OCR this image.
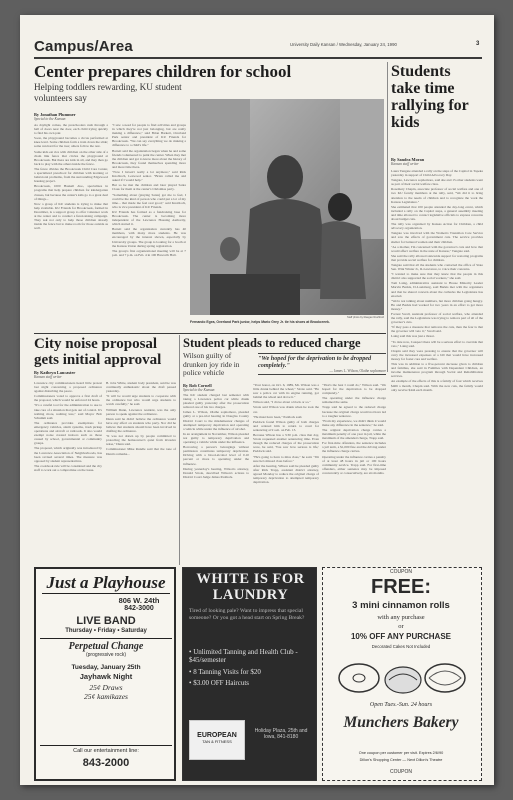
Campus/Area	University Daily Kansan / Wednesday, January 24, 1990	3
Center prepares children for school
Helping toddlers rewarding, KU student volunteers say
By Jonathan Plummer
Special to the Kansan

As daylight comes, the preschoolers rush through a hall of doors near the door, each child trying quickly to find his own pair.

Soon, the playground becomes a circus performed at knee level. Some children form a train down the slide; some run hard for the tree; others follow the rest.

Some kids eat rice with children on the other side of a chain link fence that circles the playground at Brookcreek. But there are kids in all, and they then go back to play with the others inside the fence.

The fence divides the Brookcreek Child Care Center, a specialized preschool for children with learning or behavioral problems, from the surrounding Edgewood housing project.

Brookcreek, 1000 Haskell Ave., specializes in programs that help prepare children for kindergarten classes, but because the center's kids go to a great deal of things...

Now a group of KU students is trying to make that help available. KU Friends for Brookcreek, formed in December, is a support group to offer volunteer work at the center and to conduct a fund-raising campaign. They ask not only to help those children already inside the fence but to make room for those outside as well.

"I saw a need for people to find activities and groups in which they're not just belonging, but are really making a difference," said Brian Barkett, Overland Park senior and president of KU Friends for Brookcreek. "We can say everything we do making a difference to a child's life."

Barrett said the organization began when he and some friends volunteered to paint the center. When they met the children and got to know more about the history of Brookcreek, they found themselves spending more and more time there.

"Now I haven't really a lot anymore," said Rick Knobloch, Leawood senior. "Brian called me and asked if I would help."

But so he met the children and later played Santa Claus for them at the center's Christmas party.

"Something about (playing Santa) got me to feel, I could be the kind of person who could put a lot of my time... that made me feel real good," said Knobloch, who is vice president of KU Friends.

KU Friends has formed as a fundraising base for Brookcreek. The center is becoming more independent of the Lawrence Housing Authority, which started it.

Barrett said the organization currently has 40 members, with many more students. He was encouraged by the interest shown, especially by University groups. The group is looking for a booth at the Kansas Union during spring registration.

The group's first organizational meeting will be at 7 p.m. and 7 p.m. on Feb. 4 in 100 Haworth Hall.

Staff photo by Raegan Rushford
Fernando Egea, Overland Park junior, helps Mario Grey Jr. tie his shoes at Brookcreek.
Students take time rallying for kids
By Sandra Moran
Kansan staff writer

Laura Tungate attended a rally on the steps of the Capitol in Topeka yesterday in support of Child Advocacy Day.

Tungate, Lawrence sophomore, said she and 15 other students went as part of their social welfare class.

Rosemary Chapin, associate professor of social welfare and one of two KU faculty members at the rally, said, "We did it to bring attention to the needs of children and to recognize the work the Kansas Legislature."

She estimated that 100 people attended the day-long event, which included a rally on the Capitol steps, a general assembly meeting and time allowed to contact legislative officials to express concerns about budget cuts.

The rally was organized by Kansas Action for Children, a child advocacy organization.

Tungate was involved with the Women's Transition Care Service and saw the effects of government cuts. The service provides shelter for battered women and their children.

"As a mother, I'm concerned with the governor's cuts and how that would affect welfare in the state of Kansas," Tungate said.

She said the rally allowed statewide support for restoring programs that provide social welfare for children.

Tungate said that all the students who contacted the office of State Sen. Wint Winter Jr., R-Lawrence, to voice their concerns.

"I wanted to make sure that they knew that the people in this district also supported the social workers," she said.

Tom Laing, administrative assistant to House Minority Leader Marvin Barkis, D-Louisburg, said Barkis met with the organizers and that he shared concern about the cutbacks the Legislature has enacted.

"We're not talking about numbers, but more children going hungry. He and Barkis had worked for two years in an effort to get more money."

Forrest Swall, assistant professor of social welfare, who attended the rally, said the Legislature was trying to remove part of all of the governor's cuts.

"If they pass a measure that removes the cuts, then the fear is that the governor will veto it," Swall said.

Laing said this was just a threat.

"To date now, I suspect there will be a serious effort to override that veto," Laing said.

Chapin said they were pressing to ensure that the governor will carry the increased expenses of a bill that would have increased money for foster care and welfare.

This was in addition to a five-percent decrease given to children and families, she said in Families with Dependent Children, an income maintenance program through Social and Rehabilitation services.

An example of the effects of this is a family of four which receives $466 a month, Chapin said. With the new cuts, the family would only receive $444 each month.

City noise proposal gets initial approval
By Kathryn Lancaster
Kansan staff writer

Lawrence city commissioners heard little protest last night concerning a proposed ordinance against disturbing the peace.

Commissioners voted to approve a first draft of the proposal, which would be enforced 24 hours.

"It's a careful tool for the administration to use to take care of a situation that gets out of control. It's nothing more, nothing less," said Mayor Bob Schumm said.

The ordinance provides exemptions for emergency vehicles, alarm systems, trash pickup operations and aircraft or railroads. It also would exempt noise created indoors such as those caused by school, governmental or community groups.

The proposal, which originally was introduced by the Lawrence Association of Neighborhoods, has been revised several times. The measure was opposed by student representatives.

The cookbook rule will be considered and the city staff to work out a compromise on the issue.

B. Jobe White, student body president, said he was continually enthusiastic about the draft passed yesterday.

"It will be would urge students to cooperate with the ordinance but who would urge students to watch carefully," he said.

William Dunn, Lawrence resident, was the only person to speak against the ordinance.

Dunn said he didn't believe the ordinance would have any affect on students who party. Nor did he believe that students should have been involved in drafting the ordinance.

"It was not drawn up by people committed to protecting the homeowner's quiet from invasive noise," Dunn said.

Commissioner Mike Rundle said that the tone of Dunn's remarks...

Student pleads to reduced charge
Wilson guilty of drunken joy ride in police vehicle
By Rob Cornell
Special to the Kansan
"We hoped for the deprivation to be dropped completely."
— James L. Wilson, Olathe sophomore

The KU student charged last semester with taking a Lawrence police car while drunk pleaded guilty yesterday after the prosecution reduced one of his two charges.

James L. Wilson, Olathe sophomore, pleaded guilty at a pre-trial hearing in Douglas County District Court to the misdemeanor charges of attempted temporary deprivation and operating a vehicle while under the influence of alcohol.

In an arraignment in November, Wilson pleaded not guilty to temporary deprivation and operating a vehicle while under the influence.

Borrowing a person's belongings without permission constitutes temporary deprivation. Driving with a blood-alcohol level of 0.10 percent or more is operating under the influence.

During yesterday's hearing, Wilson's attorney, Donald Strole, described Wilson's actions to District Court Judge James Paddock.

"Your honor, on Oct. 6, 1989, Mr. Wilson was a little drunk behind the wheel," Strole said. "He saw a police car with its engine running, got behind the wheel and drove it."

Wilson said, "I drove about a block or so."

Strole said Wilson was drunk when he took the car.

"He must have been," Paddock said.

Paddock found Wilson guilty of both charges and ordered him to return to court for sentencing at 9 a.m. on Feb. 13.

Because Wilson has a 3:30 p.m. class that day, Strole requested another sentencing time. Even though the reduced charges of the prosecution were, he said, 'You saw how serious is life,' Paddock said.

"He's going to have to miss class," he said. "I'm sure he's missed class before."

After the hearing, Wilson said he pleaded guilty after Rick Trapp, assistant district attorney, agreed Monday to reduce the original charge of temporary deprivation to attempted temporary deprivation.

"That's the best I could do," Wilson said. "We hoped for the deprivation to be dropped completely."

The operating under the influence charge remained the same.

Trapp said he agreed to the reduced charge because the original charge would not have led to a tougher sentence.

"From my experience, we didn't think it would make any difference in the sentence," he said.

The original deprivation charge carries a maximum penalty of one year in jail, while the maximum of the amended charge, Trapp said.

For first-time offenders, the sentence includes a jail term, a $1,000 fine and the driving under the influence charge carries.

Operating under the influence carries a penalty of at least 48 hours in jail or 100 hours community service. Trapp said. For first-time offenders, either sentence may be imposed concurrently or consecutively, are six months.

Just a Playhouse
806 W. 24th
842-3000
LIVE BAND
Thursday • Friday • Saturday
Perpetual Change
(progressive rock)
Tuesday, January 25th
Jayhawk Night
25¢ Draws
25¢ kamikazes
Call our entertainment line:
843-2000
WHITE IS FOR LAUNDRY
Tired of looking pale? Want to impress that special someone? Or you got a head start on Spring Break?
• Unlimited Tanning and Health Club - $45/semester
• 8 Tanning Visits for $20
• $3.00 OFF Haircuts
EUROPEAN
TAN & FITNESS
Holiday Plaza, 25th and Iowa, 841-8180
COUPON
FREE:
3 mini cinnamon rolls
with any purchase
or
10% OFF ANY PURCHASE
Decorated Cakes Not Included
Open Tues.-Sun. 24 hours
Munchers Bakery
One coupon per customer per visit. Expires 2/6/90
Dillon's Shopping Center — Next Dillon's Theatre
COUPON
